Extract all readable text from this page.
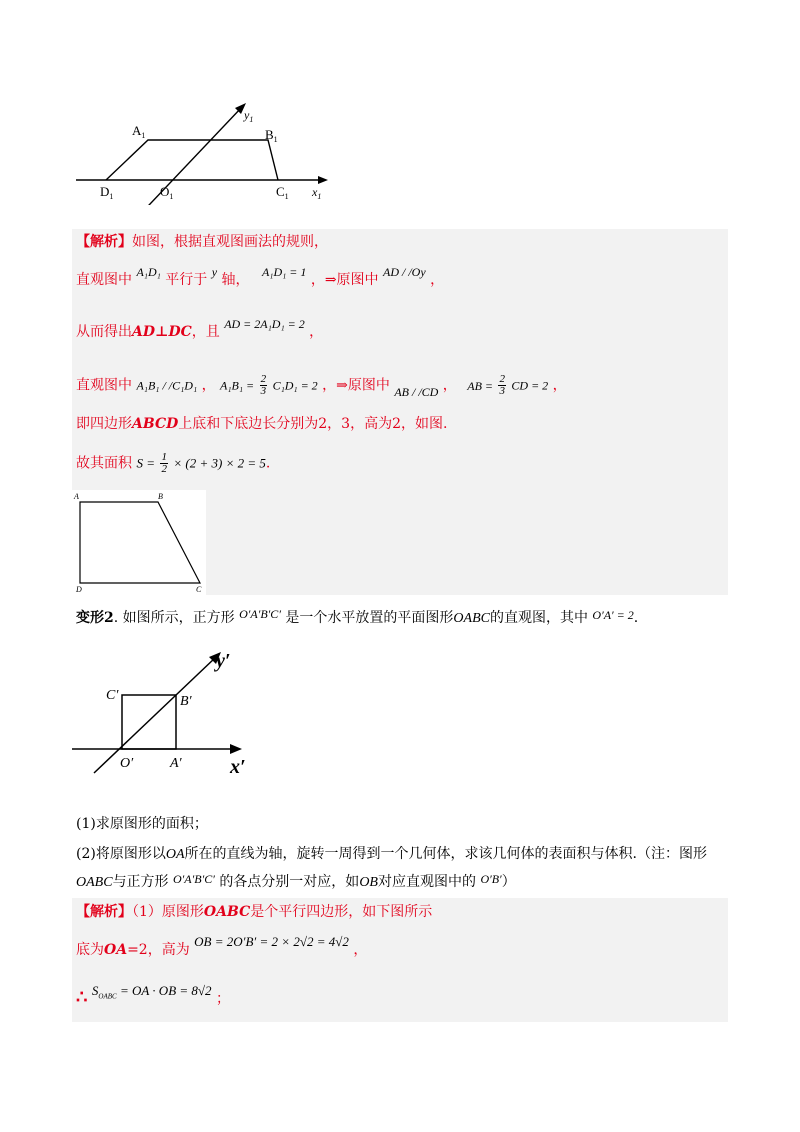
$A_1$	$B_1$
$D_1$	$O_1$	$C_1$ $x_1$
$y_1$
【解析】如图，根据直观图画法的规则，
直观图中 A₁D₁ 平行于 y 轴， A₁D₁ = 1 ，⇒原图中 AD / /Oy ，
从而得出AD⊥DC，且 AD = 2A₁D₁ = 2 ，
直观图中 A₁B₁ / /C₁D₁ ， $A_1B_1 = \frac{2}{3} C_1D_1 = 2$ ，⇒原图中 AB / /CD ， AB = $\frac{2}{3}$ CD = 2 ，
即四边形ABCD上底和下底边长分别为2，3，高为2，如图.
故其面积 $S = \frac{1}{2} \times (2 + 3) \times 2 = 5$.
A	B
D	C
变形2. 如图所示，正方形 O′A′B′C′ 是一个水平放置的平面图形OABC的直观图，其中 O′A′ = 2.
C′	B′
O′	A′ x′
y′
(1)求原图形的面积；
(2)将原图形以OA所在的直线为轴，旋转一周得到一个几何体，求该几何体的表面积与体积.（注：图形
OABC与正方形 O′A′B′C′ 的各点分别一对应，如OB对应直观图中的 O′B′）
【解析】（1）原图形OABC是个平行四边形，如下图所示
底为OA=2，高为 OB = 2O′B′ = 2 × 2√2 = 4√2 ，
∴ $S_{OABC}$ = OA · OB = 8√2 ；
